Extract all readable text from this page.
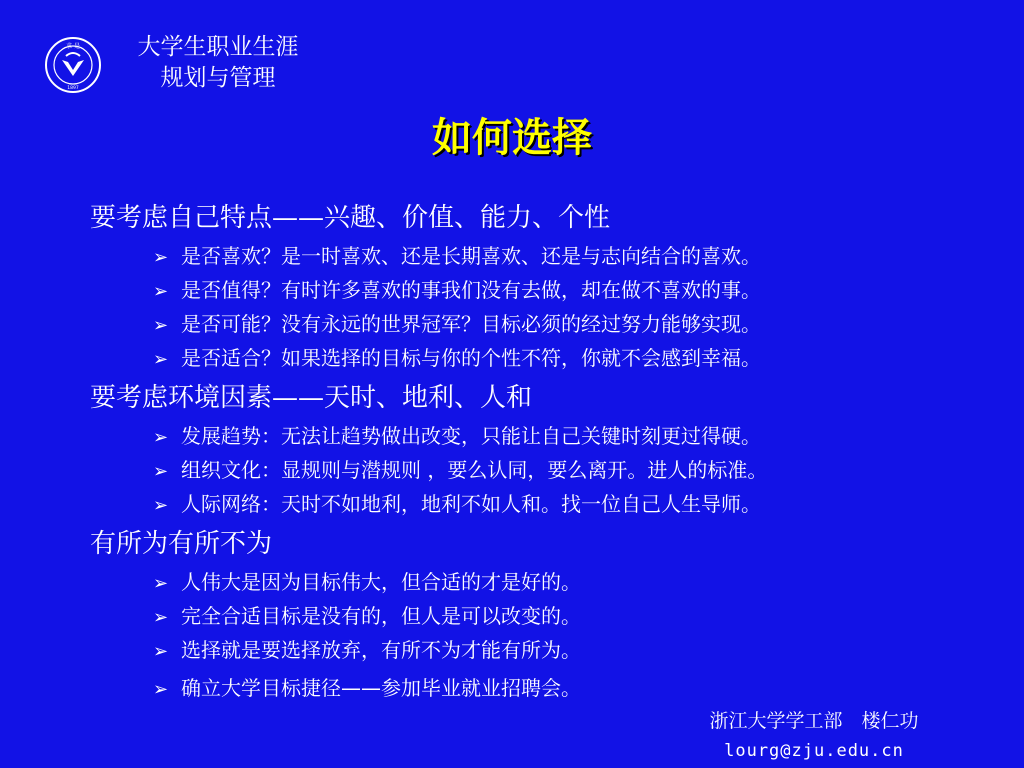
求 是
1897
大学生职业生涯
规划与管理
如何选择
要考虑自己特点——兴趣、价值、能力、个性
➢ 是否喜欢？是一时喜欢、还是长期喜欢、还是与志向结合的喜欢。
➢ 是否值得？有时许多喜欢的事我们没有去做，却在做不喜欢的事。
➢ 是否可能？没有永远的世界冠军？目标必须的经过努力能够实现。
➢ 是否适合？如果选择的目标与你的个性不符，你就不会感到幸福。
要考虑环境因素——天时、地利、人和
➢ 发展趋势：无法让趋势做出改变，只能让自己关键时刻更过得硬。
➢ 组织文化：显规则与潜规则 ，要么认同，要么离开。进人的标准。
➢ 人际网络：天时不如地利，地利不如人和。找一位自己人生导师。
有所为有所不为
➢ 人伟大是因为目标伟大，但合适的才是好的。
➢ 完全合适目标是没有的，但人是可以改变的。
➢ 选择就是要选择放弃，有所不为才能有所为。
➢ 确立大学目标捷径——参加毕业就业招聘会。
浙江大学学工部　楼仁功
lourg@zju.edu.cn
